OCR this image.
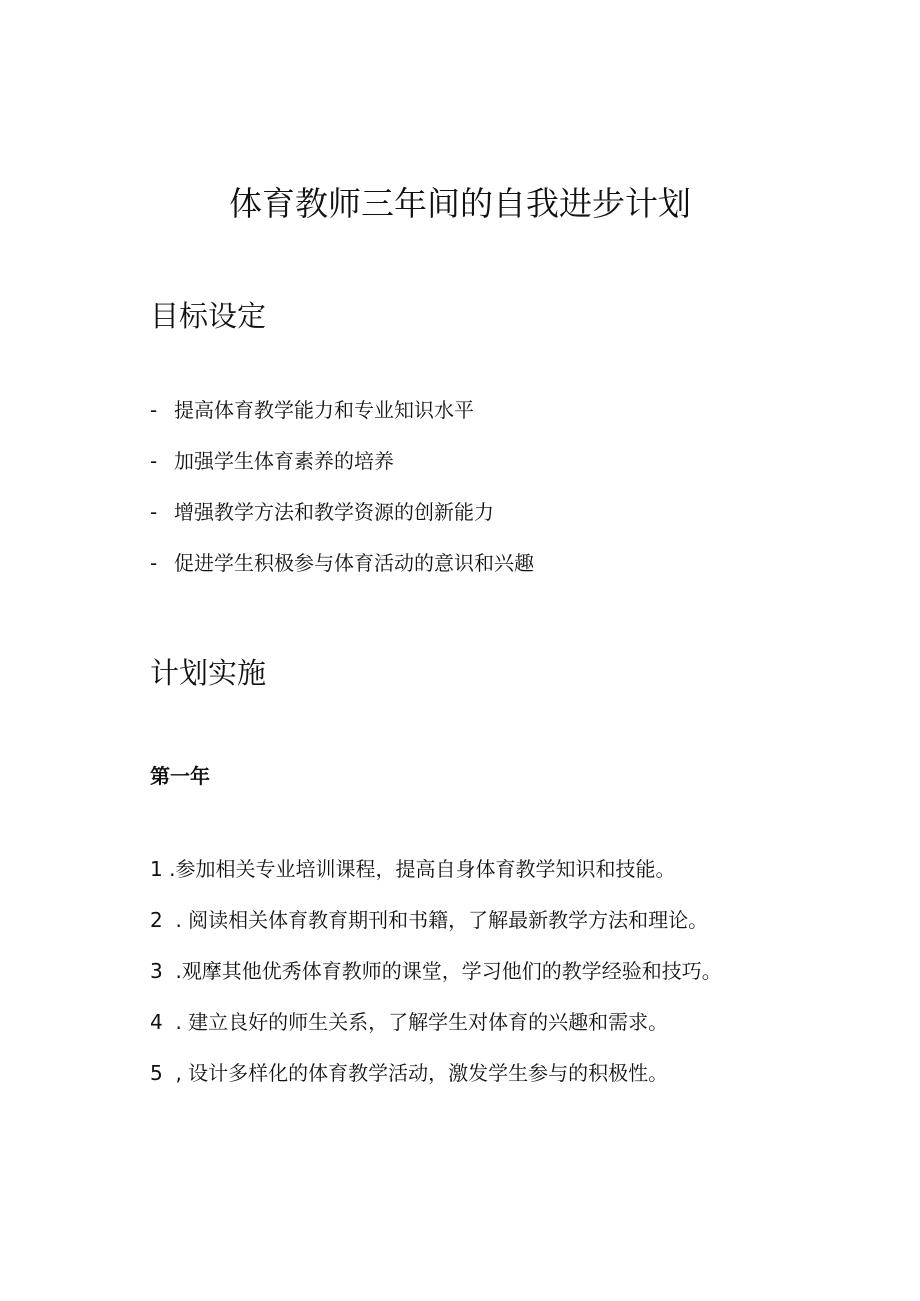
体育教师三年间的自我进步计划
目标设定
- 提高体育教学能力和专业知识水平
- 加强学生体育素养的培养
- 增强教学方法和教学资源的创新能力
- 促进学生积极参与体育活动的意识和兴趣
计划实施
第一年
1 .参加相关专业培训课程，提高自身体育教学知识和技能。
2  . 阅读相关体育教育期刊和书籍，了解最新教学方法和理论。
3  .观摩其他优秀体育教师的课堂，学习他们的教学经验和技巧。
4  . 建立良好的师生关系，了解学生对体育的兴趣和需求。
5  , 设计多样化的体育教学活动，激发学生参与的积极性。
